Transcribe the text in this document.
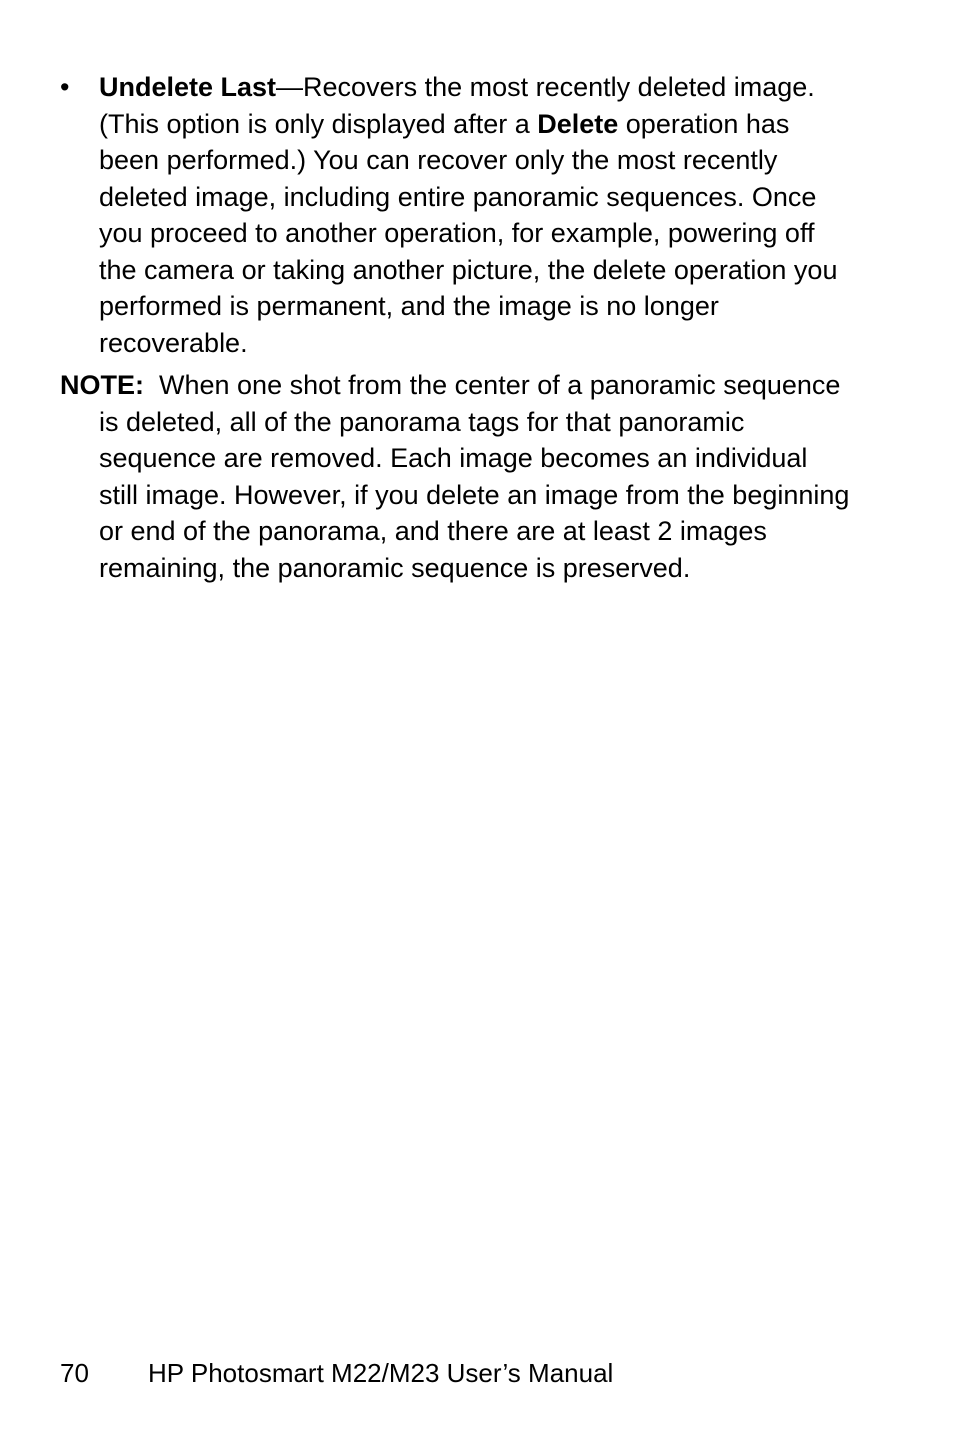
•	Undelete Last—Recovers the most recently deleted image. (This option is only displayed after a Delete operation has been performed.) You can recover only the most recently deleted image, including entire panoramic sequences. Once you proceed to another operation, for example, powering off the camera or taking another picture, the delete operation you performed is permanent, and the image is no longer recoverable.
NOTE:  When one shot from the center of a panoramic sequence is deleted, all of the panorama tags for that panoramic sequence are removed. Each image becomes an individual still image. However, if you delete an image from the beginning or end of the panorama, and there are at least 2 images remaining, the panoramic sequence is preserved.
70 HP Photosmart M22/M23 User’s Manual
